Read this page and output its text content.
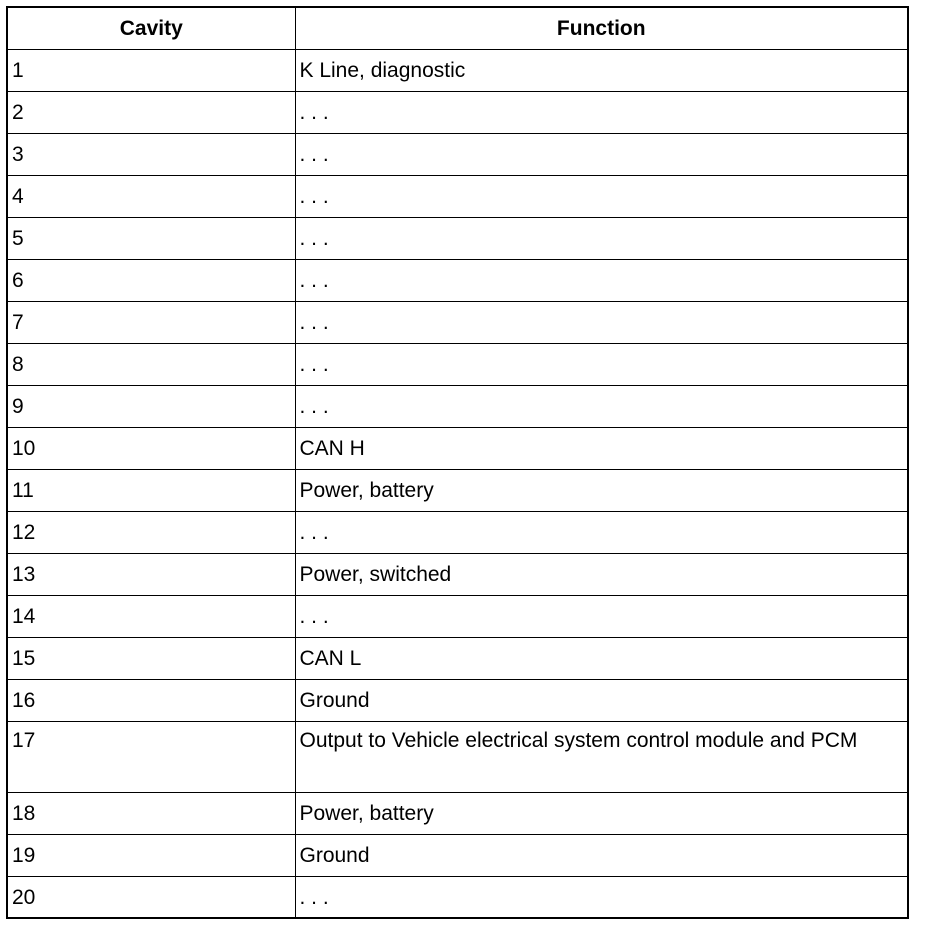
Cavity	Function
1	K Line, diagnostic
2	. . .
3	. . .
4	. . .
5	. . .
6	. . .
7	. . .
8	. . .
9	. . .
10	CAN H
11	Power, battery
12	. . .
13	Power, switched
14	. . .
15	CAN L
16	Ground
17	Output to Vehicle electrical system control module and PCM
18	Power, battery
19	Ground
20	. . .
